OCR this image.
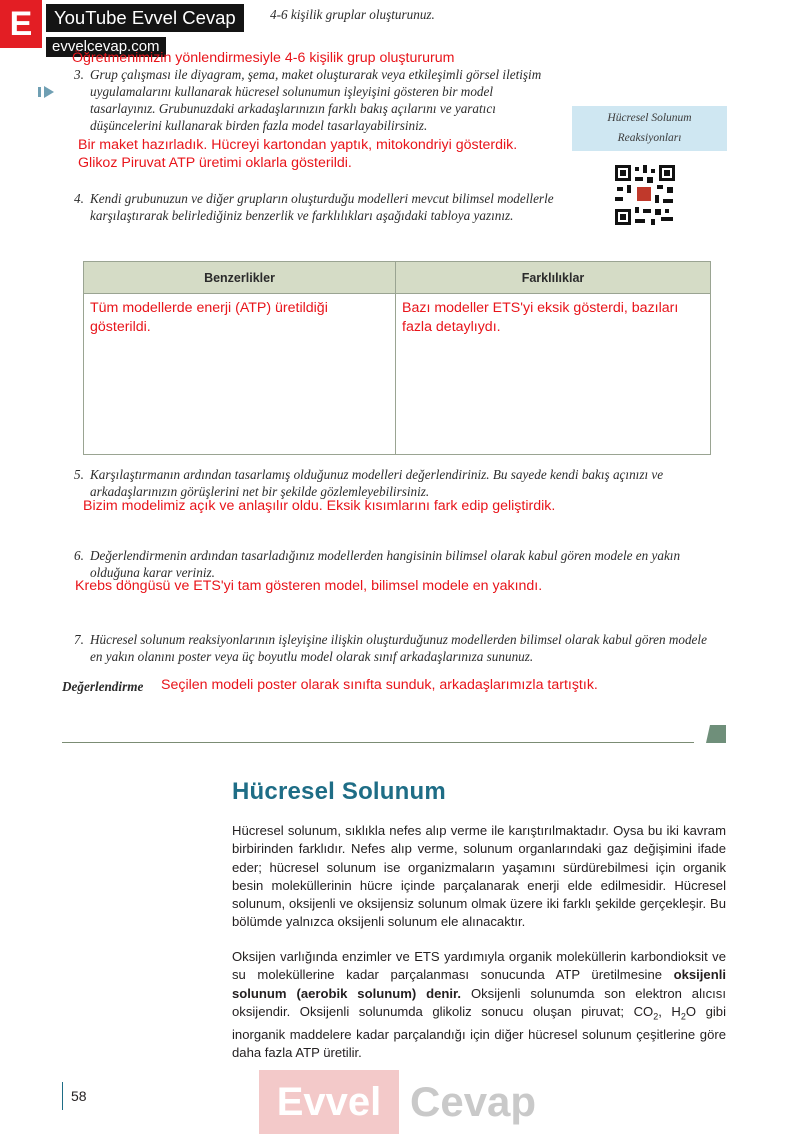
E	YouTube Evvel Cevap
evvelcevap.com
4-6 kişilik gruplar oluşturunuz.
Öğretmenimizin yönlendirmesiyle 4-6 kişilik grup oluştururum
3. Grup çalışması ile diyagram, şema, maket oluşturarak veya etkileşimli görsel iletişim uygulamalarını kullanarak hücresel solunumun işleyişini gösteren bir model tasarlayınız. Grubunuzdaki arkadaşlarınızın farklı bakış açılarını ve yaratıcı düşüncelerini kullanarak birden fazla model tasarlayabilirsiniz.
Bir maket hazırladık. Hücreyi kartondan yaptık, mitokondriyi gösterdik.
Glikoz Piruvat ATP üretimi oklarla gösterildi.
Hücresel Solunum
Reaksiyonları
4. Kendi grubunuzun ve diğer grupların oluşturduğu modelleri mevcut bilimsel modellerle karşılaştırarak belirlediğiniz benzerlik ve farklılıkları aşağıdaki tabloya yazınız.
Benzerlikler	Farklılıklar
Tüm modellerde enerji (ATP) üretildiği gösterildi.	Bazı modeller ETS'yi eksik gösterdi, bazıları fazla detaylıydı.
5. Karşılaştırmanın ardından tasarlamış olduğunuz modelleri değerlendiriniz. Bu sayede kendi bakış açınızı ve arkadaşlarınızın görüşlerini net bir şekilde gözlemleyebilirsiniz.
Bizim modelimiz açık ve anlaşılır oldu. Eksik kısımlarını fark edip geliştirdik.
6. Değerlendirmenin ardından tasarladığınız modellerden hangisinin bilimsel olarak kabul gören modele en yakın olduğuna karar veriniz.
Krebs döngüsü ve ETS'yi tam gösteren model, bilimsel modele en yakındı.
7. Hücresel solunum reaksiyonlarının işleyişine ilişkin oluşturduğunuz modellerden bilimsel olarak kabul gören modele en yakın olanını poster veya üç boyutlu model olarak sınıf arkadaşlarınıza sununuz.
Değerlendirme Seçilen modeli poster olarak sınıfta sunduk, arkadaşlarımızla tartıştık.
Hücresel Solunum
Hücresel solunum, sıklıkla nefes alıp verme ile karıştırılmaktadır. Oysa bu iki kavram birbirinden farklıdır. Nefes alıp verme, solunum organlarındaki gaz değişimini ifade eder; hücresel solunum ise organizmaların yaşamını sürdürebilmesi için organik besin moleküllerinin hücre içinde parçalanarak enerji elde edilmesidir. Hücresel solunum, oksijenli ve oksijensiz solunum olmak üzere iki farklı şekilde gerçekleşir. Bu bölümde yalnızca oksijenli solunum ele alınacaktır.
Oksijen varlığında enzimler ve ETS yardımıyla organik moleküllerin karbondioksit ve su moleküllerine kadar parçalanması sonucunda ATP üretilmesine oksijenli solunum (aerobik solunum) denir. Oksijenli solunumda son elektron alıcısı oksijendir. Oksijenli solunumda glikoliz sonucu oluşan piruvat; $CO_2$, $H_2O$ gibi inorganik maddelere kadar parçalandığı için diğer hücresel solunum çeşitlerine göre daha fazla ATP üretilir.
58	Evvel Cevap
